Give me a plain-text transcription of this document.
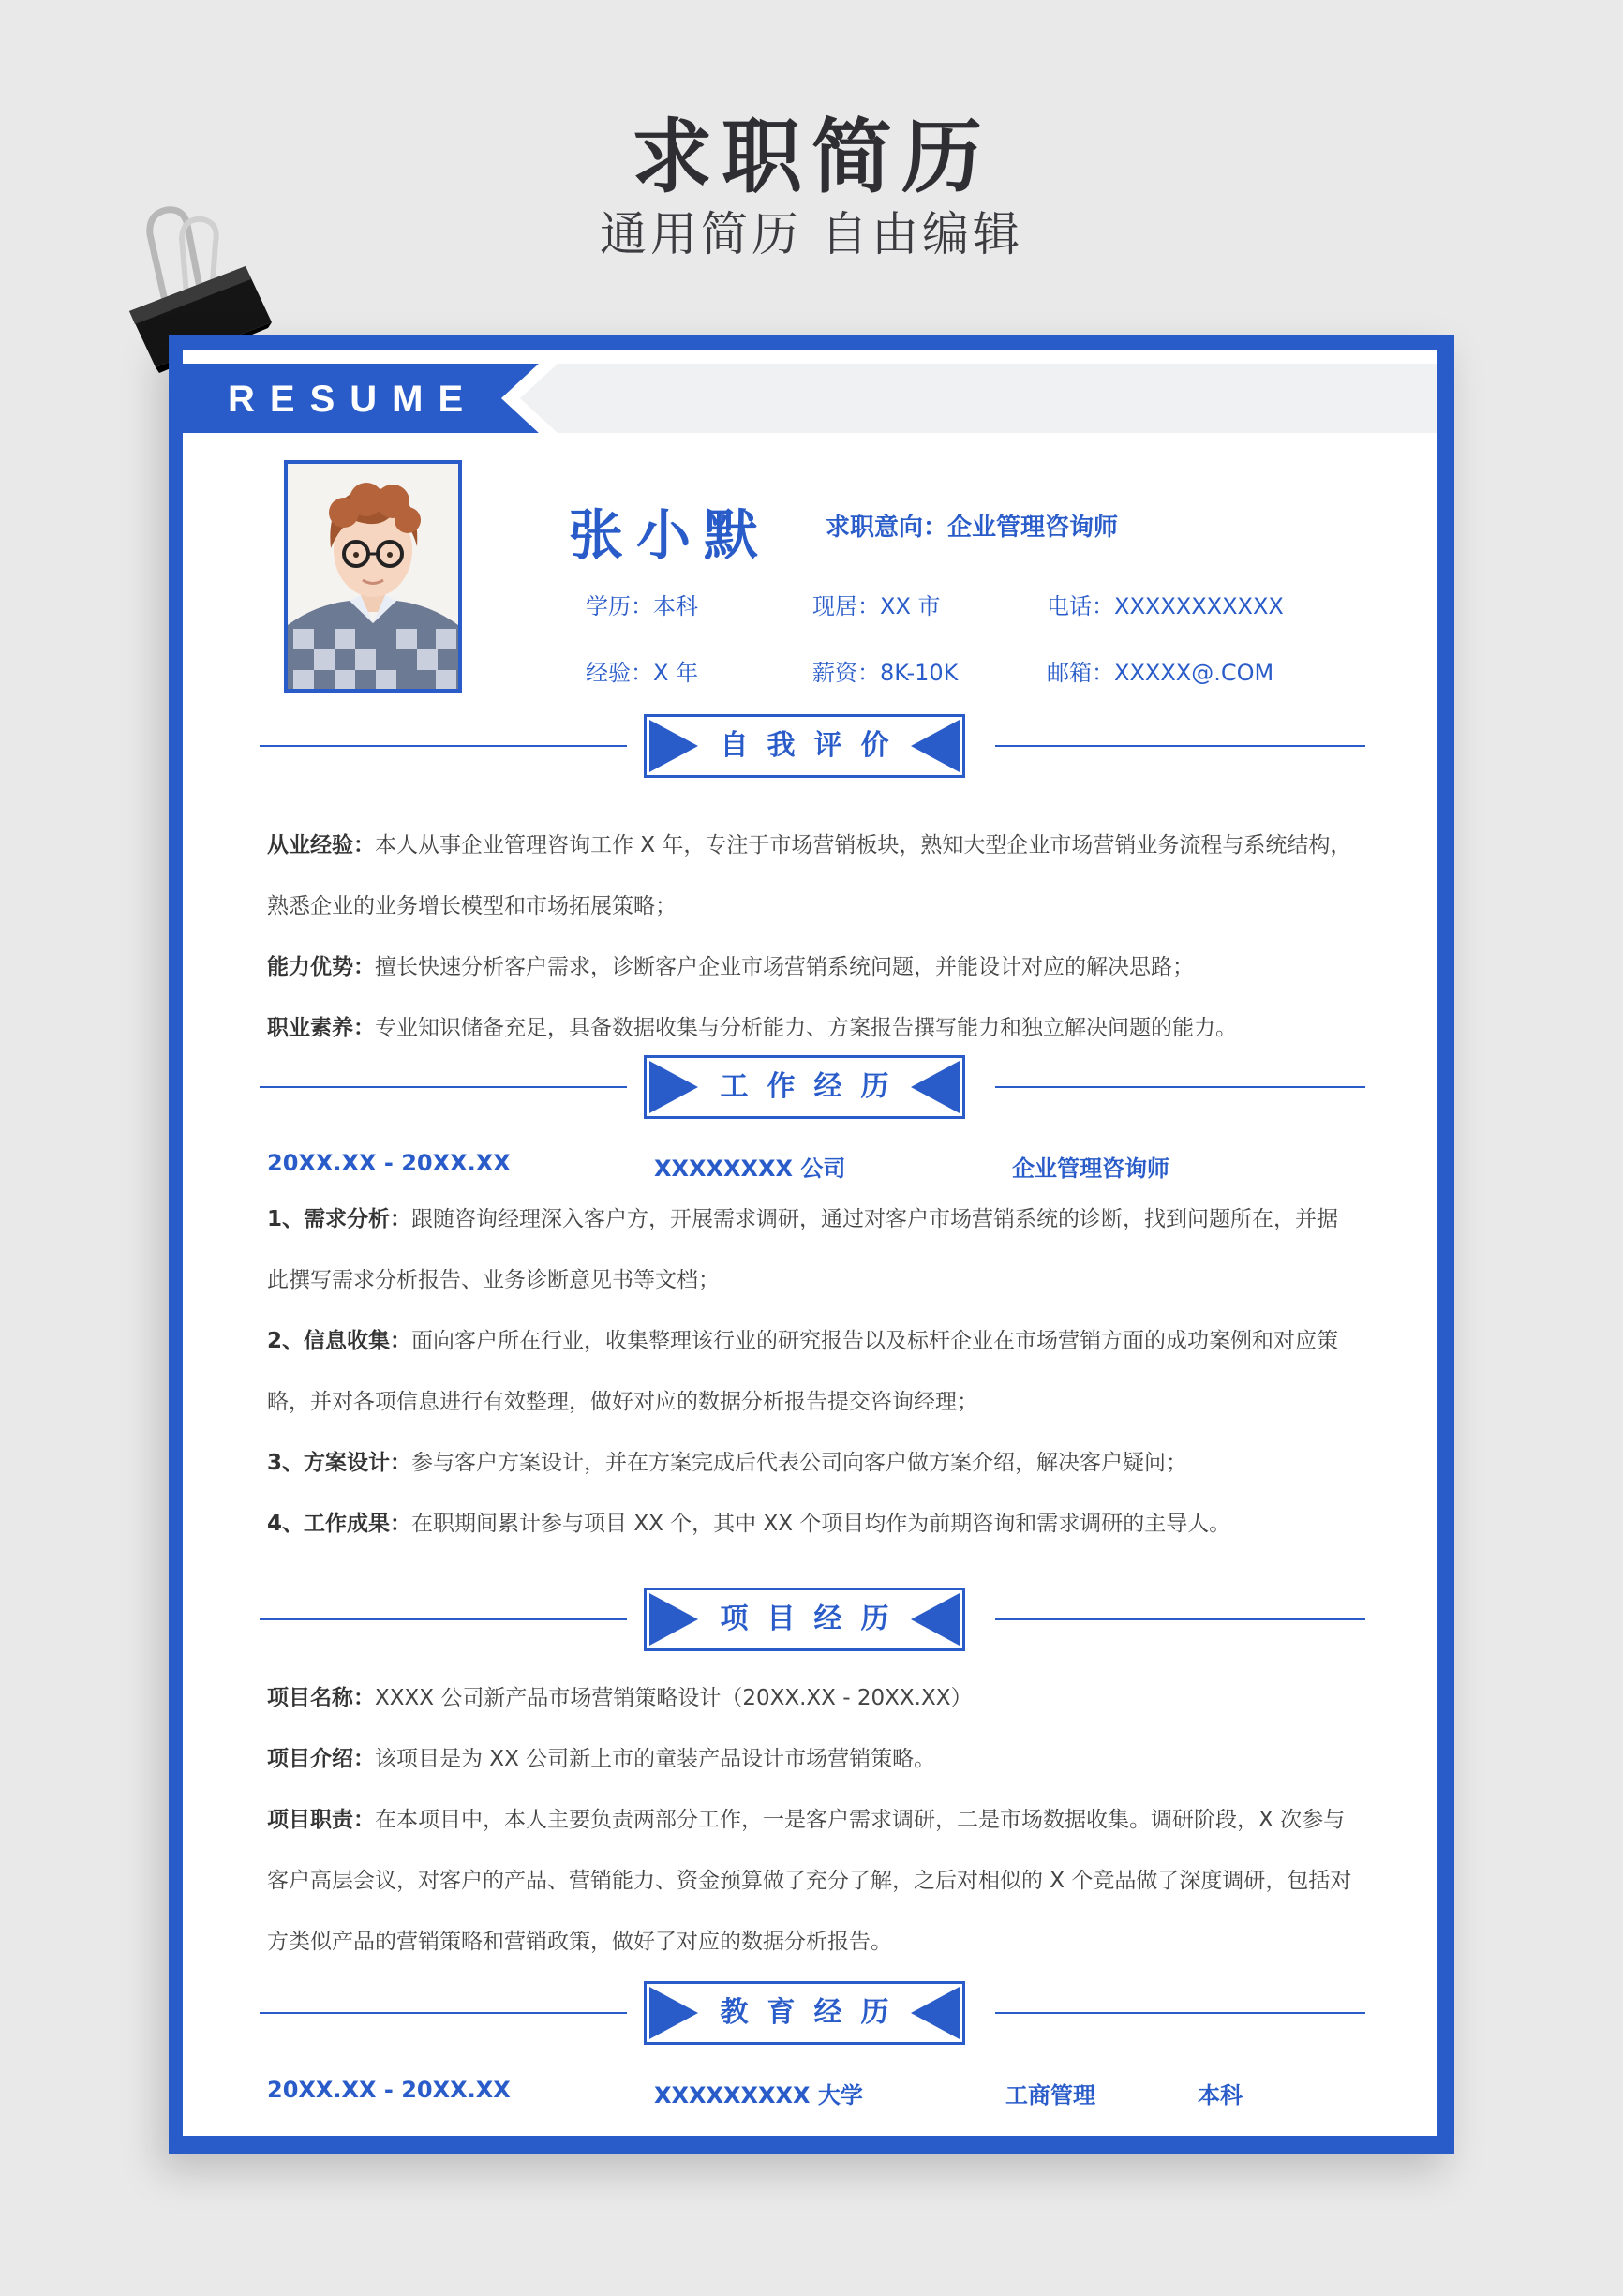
求职简历
通用简历 自由编辑
RESUME
张小默 求职意向：企业管理咨询师
学历：本科	现居：XX 市	电话：XXXXXXXXXXX
经验：X 年	薪资：8K-10K	邮箱：XXXXX@.COM
自我评价
从业经验：本人从事企业管理咨询工作 X 年，专注于市场营销板块，熟知大型企业市场营销业务流程与系统结构，熟悉企业的业务增长模型和市场拓展策略；
能力优势：擅长快速分析客户需求，诊断客户企业市场营销系统问题，并能设计对应的解决思路；
职业素养：专业知识储备充足，具备数据收集与分析能力、方案报告撰写能力和独立解决问题的能力。
工作经历
20XX.XX - 20XX.XX	XXXXXXXX 公司	企业管理咨询师
1、需求分析：跟随咨询经理深入客户方，开展需求调研，通过对客户市场营销系统的诊断，找到问题所在，并据此撰写需求分析报告、业务诊断意见书等文档；
2、信息收集：面向客户所在行业，收集整理该行业的研究报告以及标杆企业在市场营销方面的成功案例和对应策略，并对各项信息进行有效整理，做好对应的数据分析报告提交咨询经理；
3、方案设计：参与客户方案设计，并在方案完成后代表公司向客户做方案介绍，解决客户疑问；
4、工作成果：在职期间累计参与项目 XX 个，其中 XX 个项目均作为前期咨询和需求调研的主导人。
项目经历
项目名称：XXXX 公司新产品市场营销策略设计（20XX.XX - 20XX.XX）
项目介绍：该项目是为 XX 公司新上市的童装产品设计市场营销策略。
项目职责：在本项目中，本人主要负责两部分工作，一是客户需求调研，二是市场数据收集。调研阶段，X 次参与客户高层会议，对客户的产品、营销能力、资金预算做了充分了解，之后对相似的 X 个竞品做了深度调研，包括对方类似产品的营销策略和营销政策，做好了对应的数据分析报告。
教育经历
20XX.XX - 20XX.XX	XXXXXXXXX 大学	工商管理	本科
